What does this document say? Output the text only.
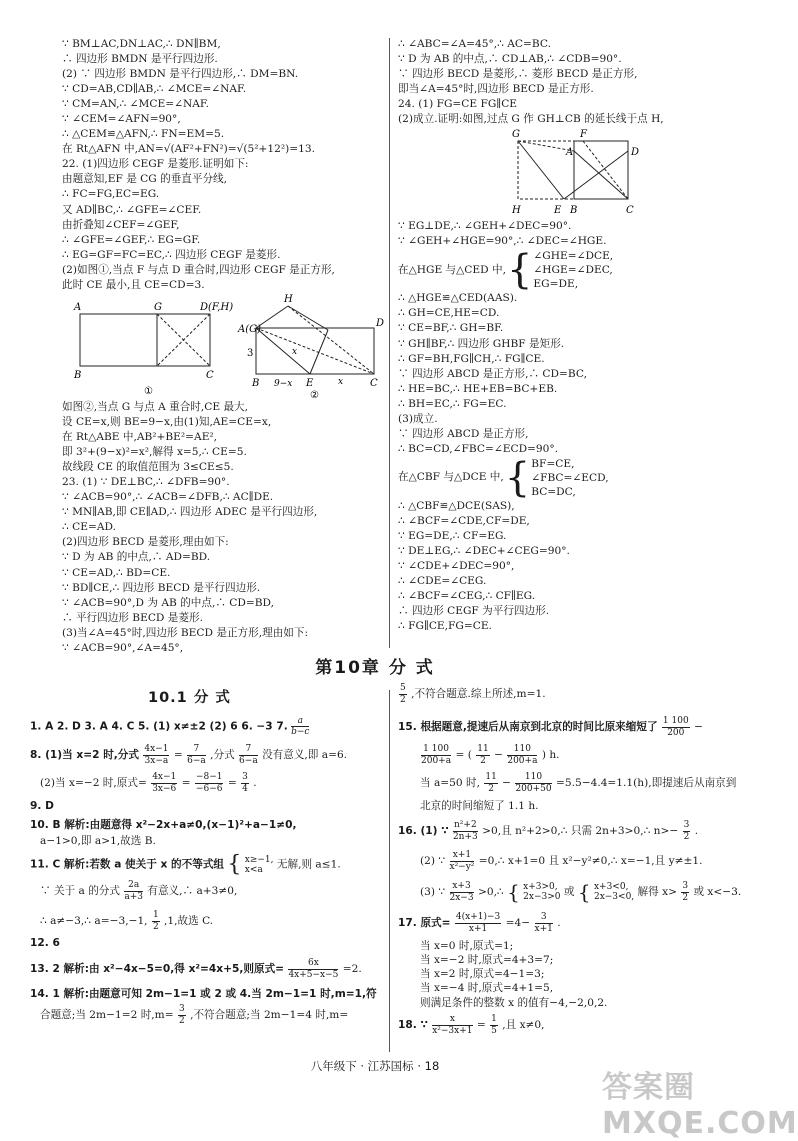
∵ BM⊥AC,DN⊥AC,∴ DN∥BM,
∴ 四边形 BMDN 是平行四边形.
(2) ∵ 四边形 BMDN 是平行四边形,∴ DM=BN.
∵ CD=AB,CD∥AB,∴ ∠MCE=∠NAF.
∵ CM=AN,∴ ∠MCE=∠NAF.
∵ ∠CEM=∠AFN=90°,
∴ △CEM≌△AFN,∴ FN=EM=5.
在 Rt△AFN 中,AN=√(AF²+FN²)=√(5²+12²)=13.
22. (1)四边形 CEGF 是菱形.证明如下:
由题意知,EF 是 CG 的垂直平分线,
∴ FC=FG,EC=EG.
又 AD∥BC,∴ ∠GFE=∠CEF.
由折叠知∠CEF=∠GEF,
∴ ∠GFE=∠GEF,∴ EG=GF.
∴ EG=GF=FC=EC,∴ 四边形 CEGF 是菱形.
(2)如图①,当点 F 与点 D 重合时,四边形 CEGF 是正方形,
此时 CE 最小,且 CE=CD=3.
A	G	D(F,H)
B	C
①
H
A(G)
D
3	x
B 9−x E	x	C
②
如图②,当点 G 与点 A 重合时,CE 最大,
设 CE=x,则 BE=9−x,由(1)知,AE=CE=x,
在 Rt△ABE 中,AB²+BE²=AE²,
即 3²+(9−x)²=x²,解得 x=5,∴ CE=5.
故线段 CE 的取值范围为 3≤CE≤5.
23. (1) ∵ DE⊥BC,∴ ∠DFB=90°.
∵ ∠ACB=90°,∴ ∠ACB=∠DFB,∴ AC∥DE.
∵ MN∥AB,即 CE∥AD,∴ 四边形 ADEC 是平行四边形,
∴ CE=AD.
(2)四边形 BECD 是菱形,理由如下:
∵ D 为 AB 的中点,∴ AD=BD.
∵ CE=AD,∴ BD=CE.
∵ BD∥CE,∴ 四边形 BECD 是平行四边形.
∵ ∠ACB=90°,D 为 AB 的中点,∴ CD=BD,
∴ 平行四边形 BECD 是菱形.
(3)当∠A=45°时,四边形 BECD 是正方形,理由如下:
∵ ∠ACB=90°,∠A=45°,
∴ ∠ABC=∠A=45°,∴ AC=BC.
∵ D 为 AB 的中点,∴ CD⊥AB,∴ ∠CDB=90°.
∵ 四边形 BECD 是菱形,∴ 菱形 BECD 是正方形,
即当∠A=45°时,四边形 BECD 是正方形.
24. (1) FG=CE FG∥CE
(2)成立.证明:如图,过点 G 作 GH⊥CB 的延长线于点 H,
∵ EG⊥DE,∴ ∠GEH+∠DEC=90°.
∵ ∠GEH+∠HGE=90°,∴ ∠DEC=∠HGE.
在△HGE 与△CED 中, { ∠GHE=∠DCE,
∠HGE=∠DEC,
EG=DE,
∴ △HGE≌△CED(AAS).
∴ GH=CE,HE=CD.
∵ CE=BF,∴ GH=BF.
∵ GH∥BF,∴ 四边形 GHBF 是矩形.
∴ GF=BH,FG∥CH,∴ FG∥CE.
∵ 四边形 ABCD 是正方形,∴ CD=BC,
∴ HE=BC,∴ HE+EB=BC+EB.
∴ BH=EC,∴ FG=EC.
(3)成立.
∵ 四边形 ABCD 是正方形,
∴ BC=CD,∠FBC=∠ECD=90°.
在△CBF 与△DCE 中, { BF=CE,
∠FBC=∠ECD,
BC=DC,
∴ △CBF≌△DCE(SAS),
∴ ∠BCF=∠CDE,CF=DE,
∵ EG=DE,∴ CF=EG.
∵ DE⊥EG,∴ ∠DEC+∠CEG=90°.
∵ ∠CDE+∠DEC=90°,
∴ ∠CDE=∠CEG.
∴ ∠BCF=∠CEG,∴ CF∥EG.
∴ 四边形 CEGF 为平行四边形.
∴ FG∥CE,FG=CE.
G
A
F
D
H	B
E	C
第10章 分 式
10.1 分 式
1. A 2. D 3. A 4. C 5. (1) x≠±2 (2) 6 6. −3 7. $\frac{a}{b-c}$
8. (1)当 x=2 时,分式 $\frac{4x-1}{3x-a} = \frac{7}{6-a}$ ,分式 $\frac{7}{6-a}$ 没有意义,即 a=6.
(2)当 x=−2 时,原式= $\frac{4x-1}{3x-6} = \frac{-8-1}{-6-6} = \frac{3}{4}$ .
9. D
10. B 解析:由题意得 x²−2x+a≠0,(x−1)²+a−1≠0,
a−1>0,即 a>1,故选 B.
11. C 解析:若数 a 使关于 x 的不等式组 { x≥−1,
x<a	无解,则 a≤1.
∵ 关于 a 的分式 $\frac{2a}{a+3}$ 有意义,∴ a+3≠0,
∴ a≠−3,∴ a=−3,−1, $\frac{1}{2} ,1$,故选 C.
12. 6
13. 2 解析:由 x²−4x−5=0,得 x²=4x+5,则原式= $\frac{6x}{4x+5-x-5} =2$.
14. 1 解析:由题意可知 2m−1=1 或 2 或 4.当 2m−1=1 时,m=1,符
合题意;当 2m−1=2 时$,m= \frac{3}{2}$ ,不符合题意;当 2m−1=4 时,m=
$\frac{5}{2}$ ,不符合题意.综上所述,m=1.
15. 根据题意,提速后从南京到北京的时间比原来缩短了 $\frac{1 100}{200}$ −
$\frac{1 100}{200+a}$ = ( $\frac{11}{2} - \frac{110}{200+a}$ ) h.
当 a=50 时, $\frac{11}{2} - \frac{110}{200+50} =5.5-4.4=1.1(h)$,即提速后从南京到
北京的时间缩短了 1.1 h.
16. (1) ∵ $\frac{\text{n²+2}}{2n+3} >0$,且 n²+2>0,∴ 只需 2n+3>0,∴ $n>- \frac{3}{2}$ .
(2) ∵ $\frac{x+1}{\text{x²−y²}}$ =0,∴ x+1=0 且 x²−y²≠0,∴ x=−1,且 y≠±1.
(3) ∵ $\frac{x+3}{2x-3}$ >0,∴ { x+3>0,
2x−3>0 或 { x+3<0,
2x−3<0, 解得 $x> \frac{3}{2}$ 或 x<−3.
17. 原式= $\frac{4(x+1)-3}{x+1} =4- \frac{3}{x+1}$ .
当 x=0 时,原式=1;
当 x=−2 时,原式=4+3=7;
当 x=2 时,原式=4−1=3;
当 x=−4 时,原式=4+1=5,
则满足条件的整数 x 的值有−4,−2,0,2.
18. ∵ $\frac{x}{\text{x²−3x+1}} = \frac{1}{5}$ ,且 x≠0,
八年级下 · 江苏国标 · 18
答案圈 MXQE.COM
